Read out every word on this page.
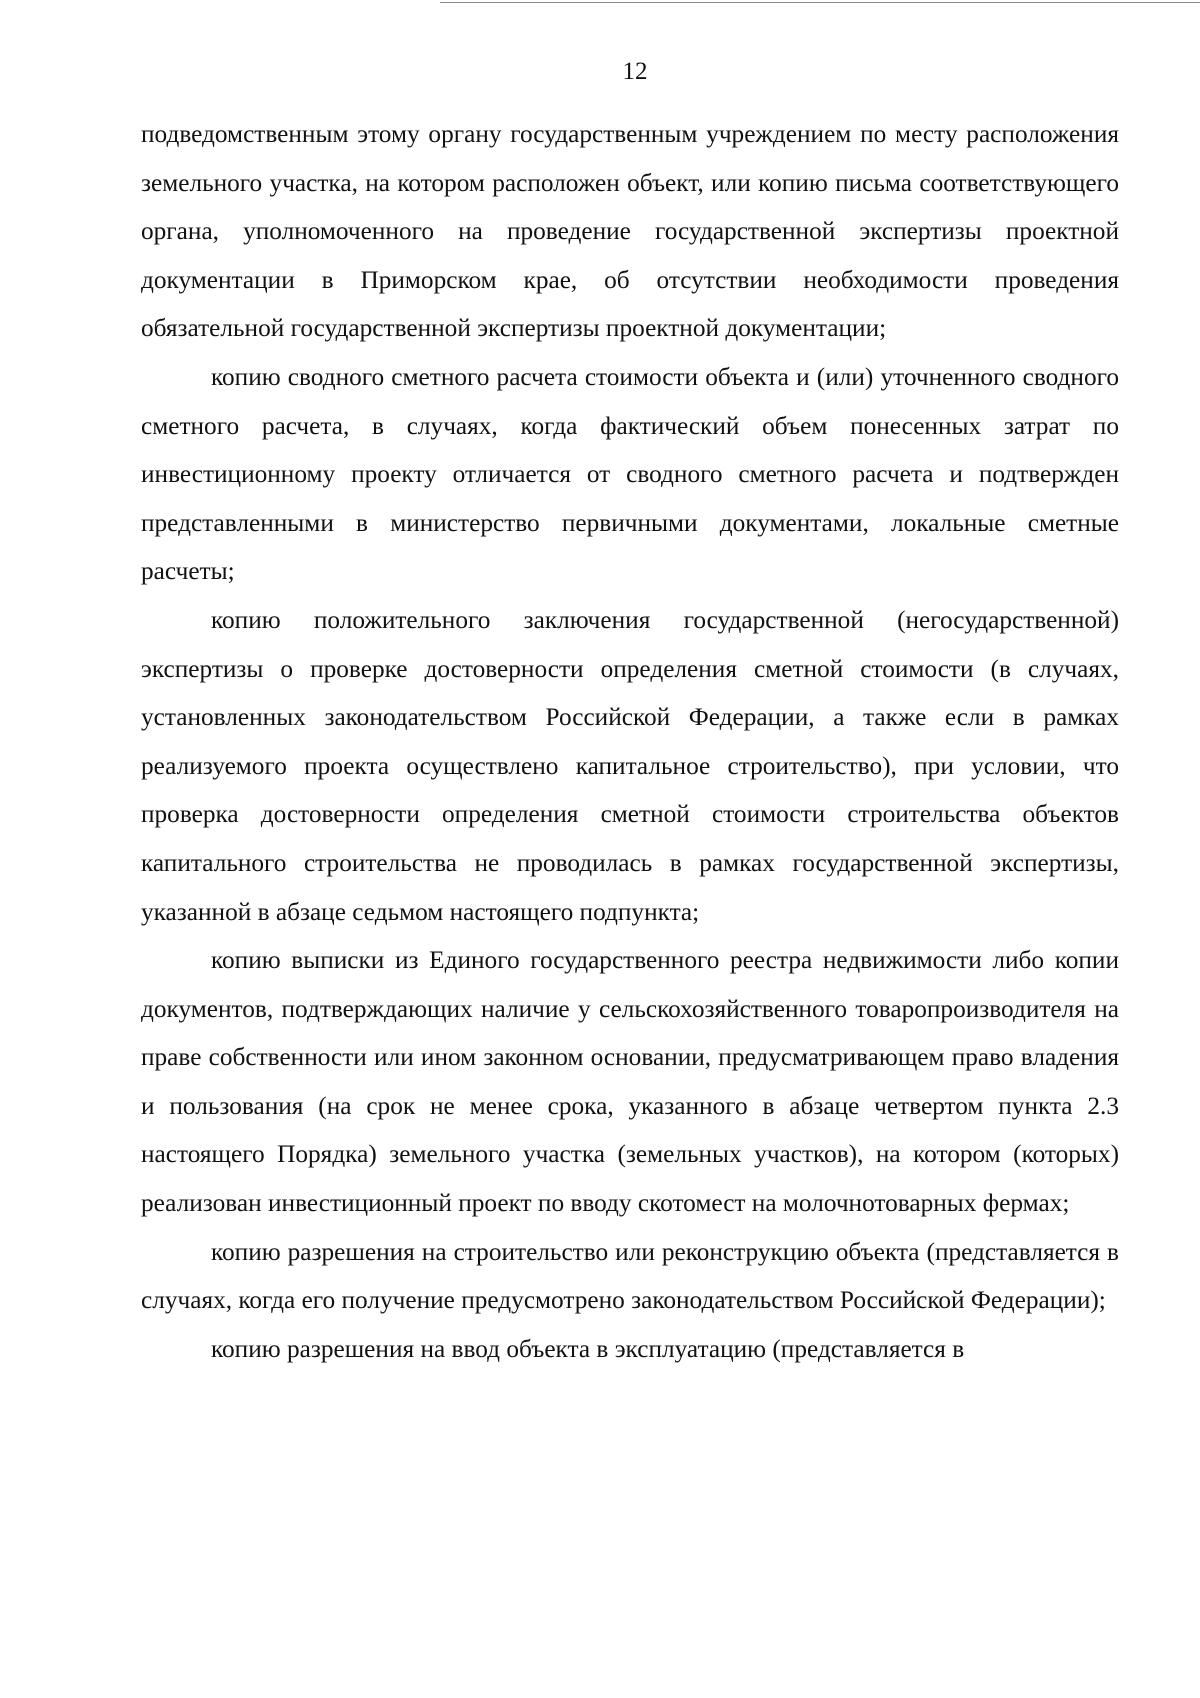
12

подведомственным этому органу государственным учреждением по месту расположения земельного участка, на котором расположен объект, или копию письма соответствующего органа, уполномоченного на проведение государственной экспертизы проектной документации в Приморском крае, об отсутствии необходимости проведения обязательной государственной экспертизы проектной документации;

копию сводного сметного расчета стоимости объекта и (или) уточненного сводного сметного расчета, в случаях, когда фактический объем понесенных затрат по инвестиционному проекту отличается от сводного сметного расчета и подтвержден представленными в министерство первичными документами, локальные сметные расчеты;

копию положительного заключения государственной (негосударственной) экспертизы о проверке достоверности определения сметной стоимости (в случаях, установленных законодательством Российской Федерации, а также если в рамках реализуемого проекта осуществлено капитальное строительство), при условии, что проверка достоверности определения сметной стоимости строительства объектов капитального строительства не проводилась в рамках государственной экспертизы, указанной в абзаце седьмом настоящего подпункта;

копию выписки из Единого государственного реестра недвижимости либо копии документов, подтверждающих наличие у сельскохозяйственного товаропроизводителя на праве собственности или ином законном основании, предусматривающем право владения и пользования (на срок не менее срока, указанного в абзаце четвертом пункта 2.3 настоящего Порядка) земельного участка (земельных участков), на котором (которых) реализован инвестиционный проект по вводу скотомест на молочнотоварных фермах;

копию разрешения на строительство или реконструкцию объекта (представляется в случаях, когда его получение предусмотрено законодательством Российской Федерации);

копию разрешения на ввод объекта в эксплуатацию (представляется в
